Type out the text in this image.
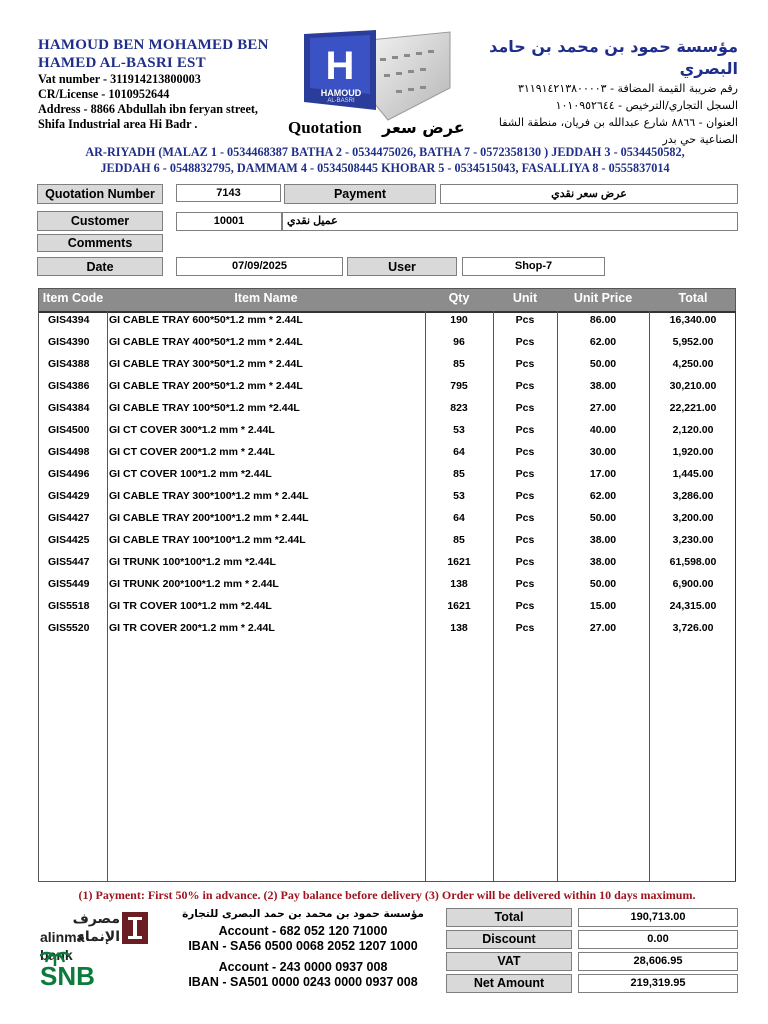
HAMOUD BEN MOHAMED BEN
HAMED AL-BASRI EST
Vat number - 311914213800003
CR/License - 1010952644
Address - 8866 Abdullah ibn feryan street,
Shifa Industrial area Hi Badr .
H
HAMOUD
AL-BASRI
مؤسسة حمود بن محمد بن حامد البصري
رقم ضريبة القيمة المضافة - ٣١١٩١٤٢١٣٨٠٠٠٠٣
السجل التجاري/الترخيص - ١٠١٠٩٥٢٦٤٤
العنوان - ٨٨٦٦ شارع عبدالله بن فريان، منطقة الشفا
الصناعية حي بدر
Quotation عرض سعر
AR-RIYADH (MALAZ 1 - 0534468387 BATHA 2 - 0534475026, BATHA 7 - 0572358130 ) JEDDAH 3 - 0534450582,
JEDDAH 6 - 0548832795, DAMMAM 4 - 0534508445 KHOBAR 5 - 0534515043, FASALLIYA 8 - 0555837014
Quotation Number	7143	Payment	عرض سعر نقدي
Customer	10001	عميل نقدي
Comments
Date	07/09/2025	User	Shop-7
Item Code	Item Name	Qty	Unit	Unit Price	Total
GIS4394	GI CABLE TRAY 600*50*1.2 mm * 2.44L	190	Pcs	86.00	16,340.00
GIS4390	GI CABLE TRAY 400*50*1.2 mm * 2.44L	96	Pcs	62.00	5,952.00
GIS4388	GI CABLE TRAY 300*50*1.2 mm * 2.44L	85	Pcs	50.00	4,250.00
GIS4386	GI CABLE TRAY 200*50*1.2 mm * 2.44L	795	Pcs	38.00	30,210.00
GIS4384	GI CABLE TRAY 100*50*1.2 mm *2.44L	823	Pcs	27.00	22,221.00
GIS4500	GI CT COVER 300*1.2 mm * 2.44L	53	Pcs	40.00	2,120.00
GIS4498	GI CT COVER 200*1.2 mm * 2.44L	64	Pcs	30.00	1,920.00
GIS4496	GI CT COVER 100*1.2 mm *2.44L	85	Pcs	17.00	1,445.00
GIS4429	GI CABLE TRAY 300*100*1.2 mm * 2.44L	53	Pcs	62.00	3,286.00
GIS4427	GI CABLE TRAY 200*100*1.2 mm * 2.44L	64	Pcs	50.00	3,200.00
GIS4425	GI CABLE TRAY 100*100*1.2 mm *2.44L	85	Pcs	38.00	3,230.00
GIS5447	GI TRUNK 100*100*1.2 mm *2.44L	1621	Pcs	38.00	61,598.00
GIS5449	GI TRUNK 200*100*1.2 mm * 2.44L	138	Pcs	50.00	6,900.00
GIS5518	GI TR COVER 100*1.2 mm *2.44L	1621	Pcs	15.00	24,315.00
GIS5520	GI TR COVER 200*1.2 mm * 2.44L	138	Pcs	27.00	3,726.00
(1) Payment: First 50% in advance. (2) Pay balance before delivery (3) Order will be delivered within 10 days maximum.
مصرف الإنماء
alinma bank
SNB
مؤسسة حمود بن محمد بن حمد البصرى للتجارة
Account - 682 052 120 71000
IBAN - SA56 0500 0068 2052 1207 1000
Account - 243 0000 0937 008
IBAN - SA501 0000 0243 0000 0937 008
Total	190,713.00
Discount	0.00
VAT	28,606.95
Net Amount	219,319.95
